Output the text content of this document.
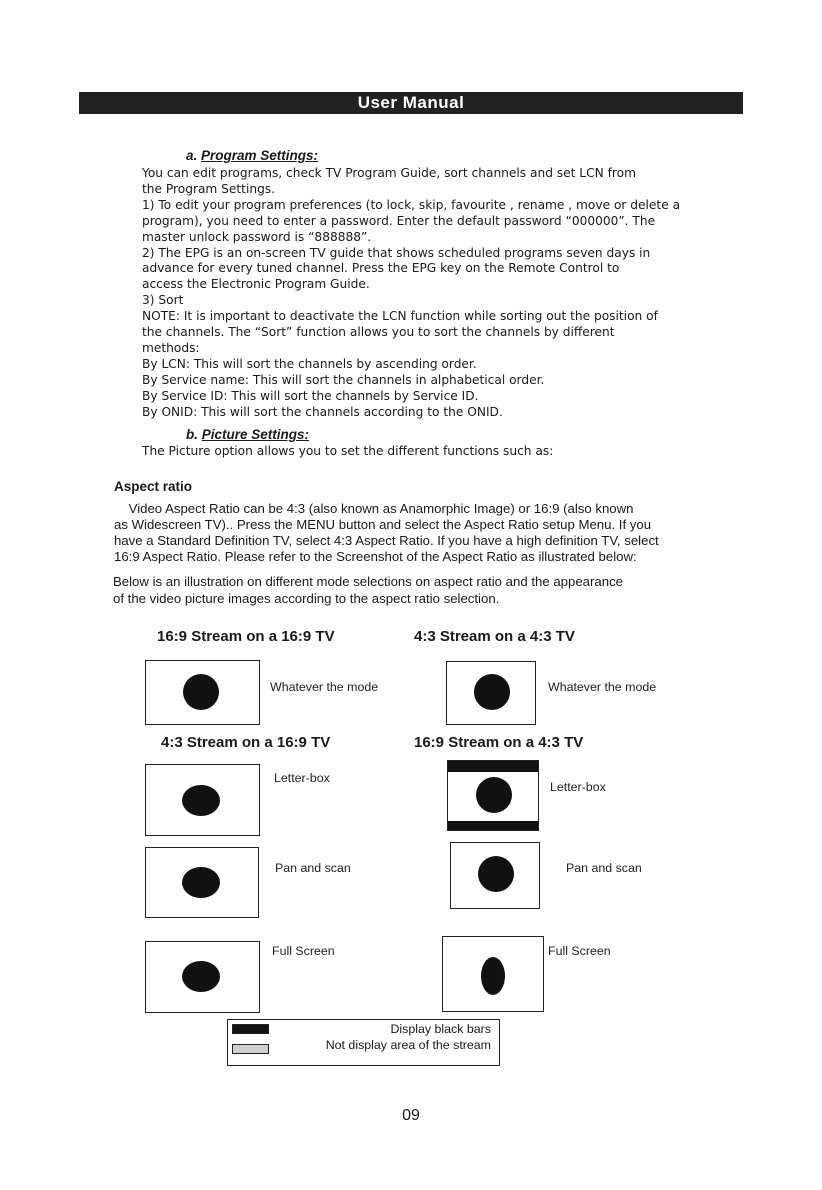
User Manual
a. Program Settings:
You can edit programs, check TV Program Guide, sort channels and set LCN from
the Program Settings.
1) To edit your program preferences (to lock, skip, favourite , rename , move or delete a
program), you need to enter a password. Enter the default password “000000”. The
master unlock password is “888888”.
2) The EPG is an on-screen TV guide that shows scheduled programs seven days in
advance for every tuned channel. Press the EPG key on the Remote Control to
access the Electronic Program Guide.
3) Sort
NOTE: It is important to deactivate the LCN function while sorting out the position of
the channels. The “Sort” function allows you to sort the channels by different
methods:
By LCN: This will sort the channels by ascending order.
By Service name: This will sort the channels in alphabetical order.
By Service ID: This will sort the channels by Service ID.
By ONID: This will sort the channels according to the ONID.
b. Picture Settings:
The Picture option allows you to set the different functions such as:
Aspect ratio
Video Aspect Ratio can be 4:3 (also known as Anamorphic Image) or 16:9 (also known
as Widescreen TV).. Press the MENU button and select the Aspect Ratio setup Menu. If you
have a Standard Definition TV, select 4:3 Aspect Ratio. If you have a high definition TV, select
16:9 Aspect Ratio. Please refer to the Screenshot of the Aspect Ratio as illustrated below:
Below is an illustration on different mode selections on aspect ratio and the appearance
of the video picture images according to the aspect ratio selection.
16:9 Stream on a 16:9 TV	4:3 Stream on a 4:3 TV
4:3 Stream on a 16:9 TV	16:9 Stream on a 4:3 TV
Whatever the mode	Whatever the mode
Letter-box
Letter-box
Pan and scan	Pan and scan
Full Screen	Full Screen
Display black bars
Not display area of the stream
09
